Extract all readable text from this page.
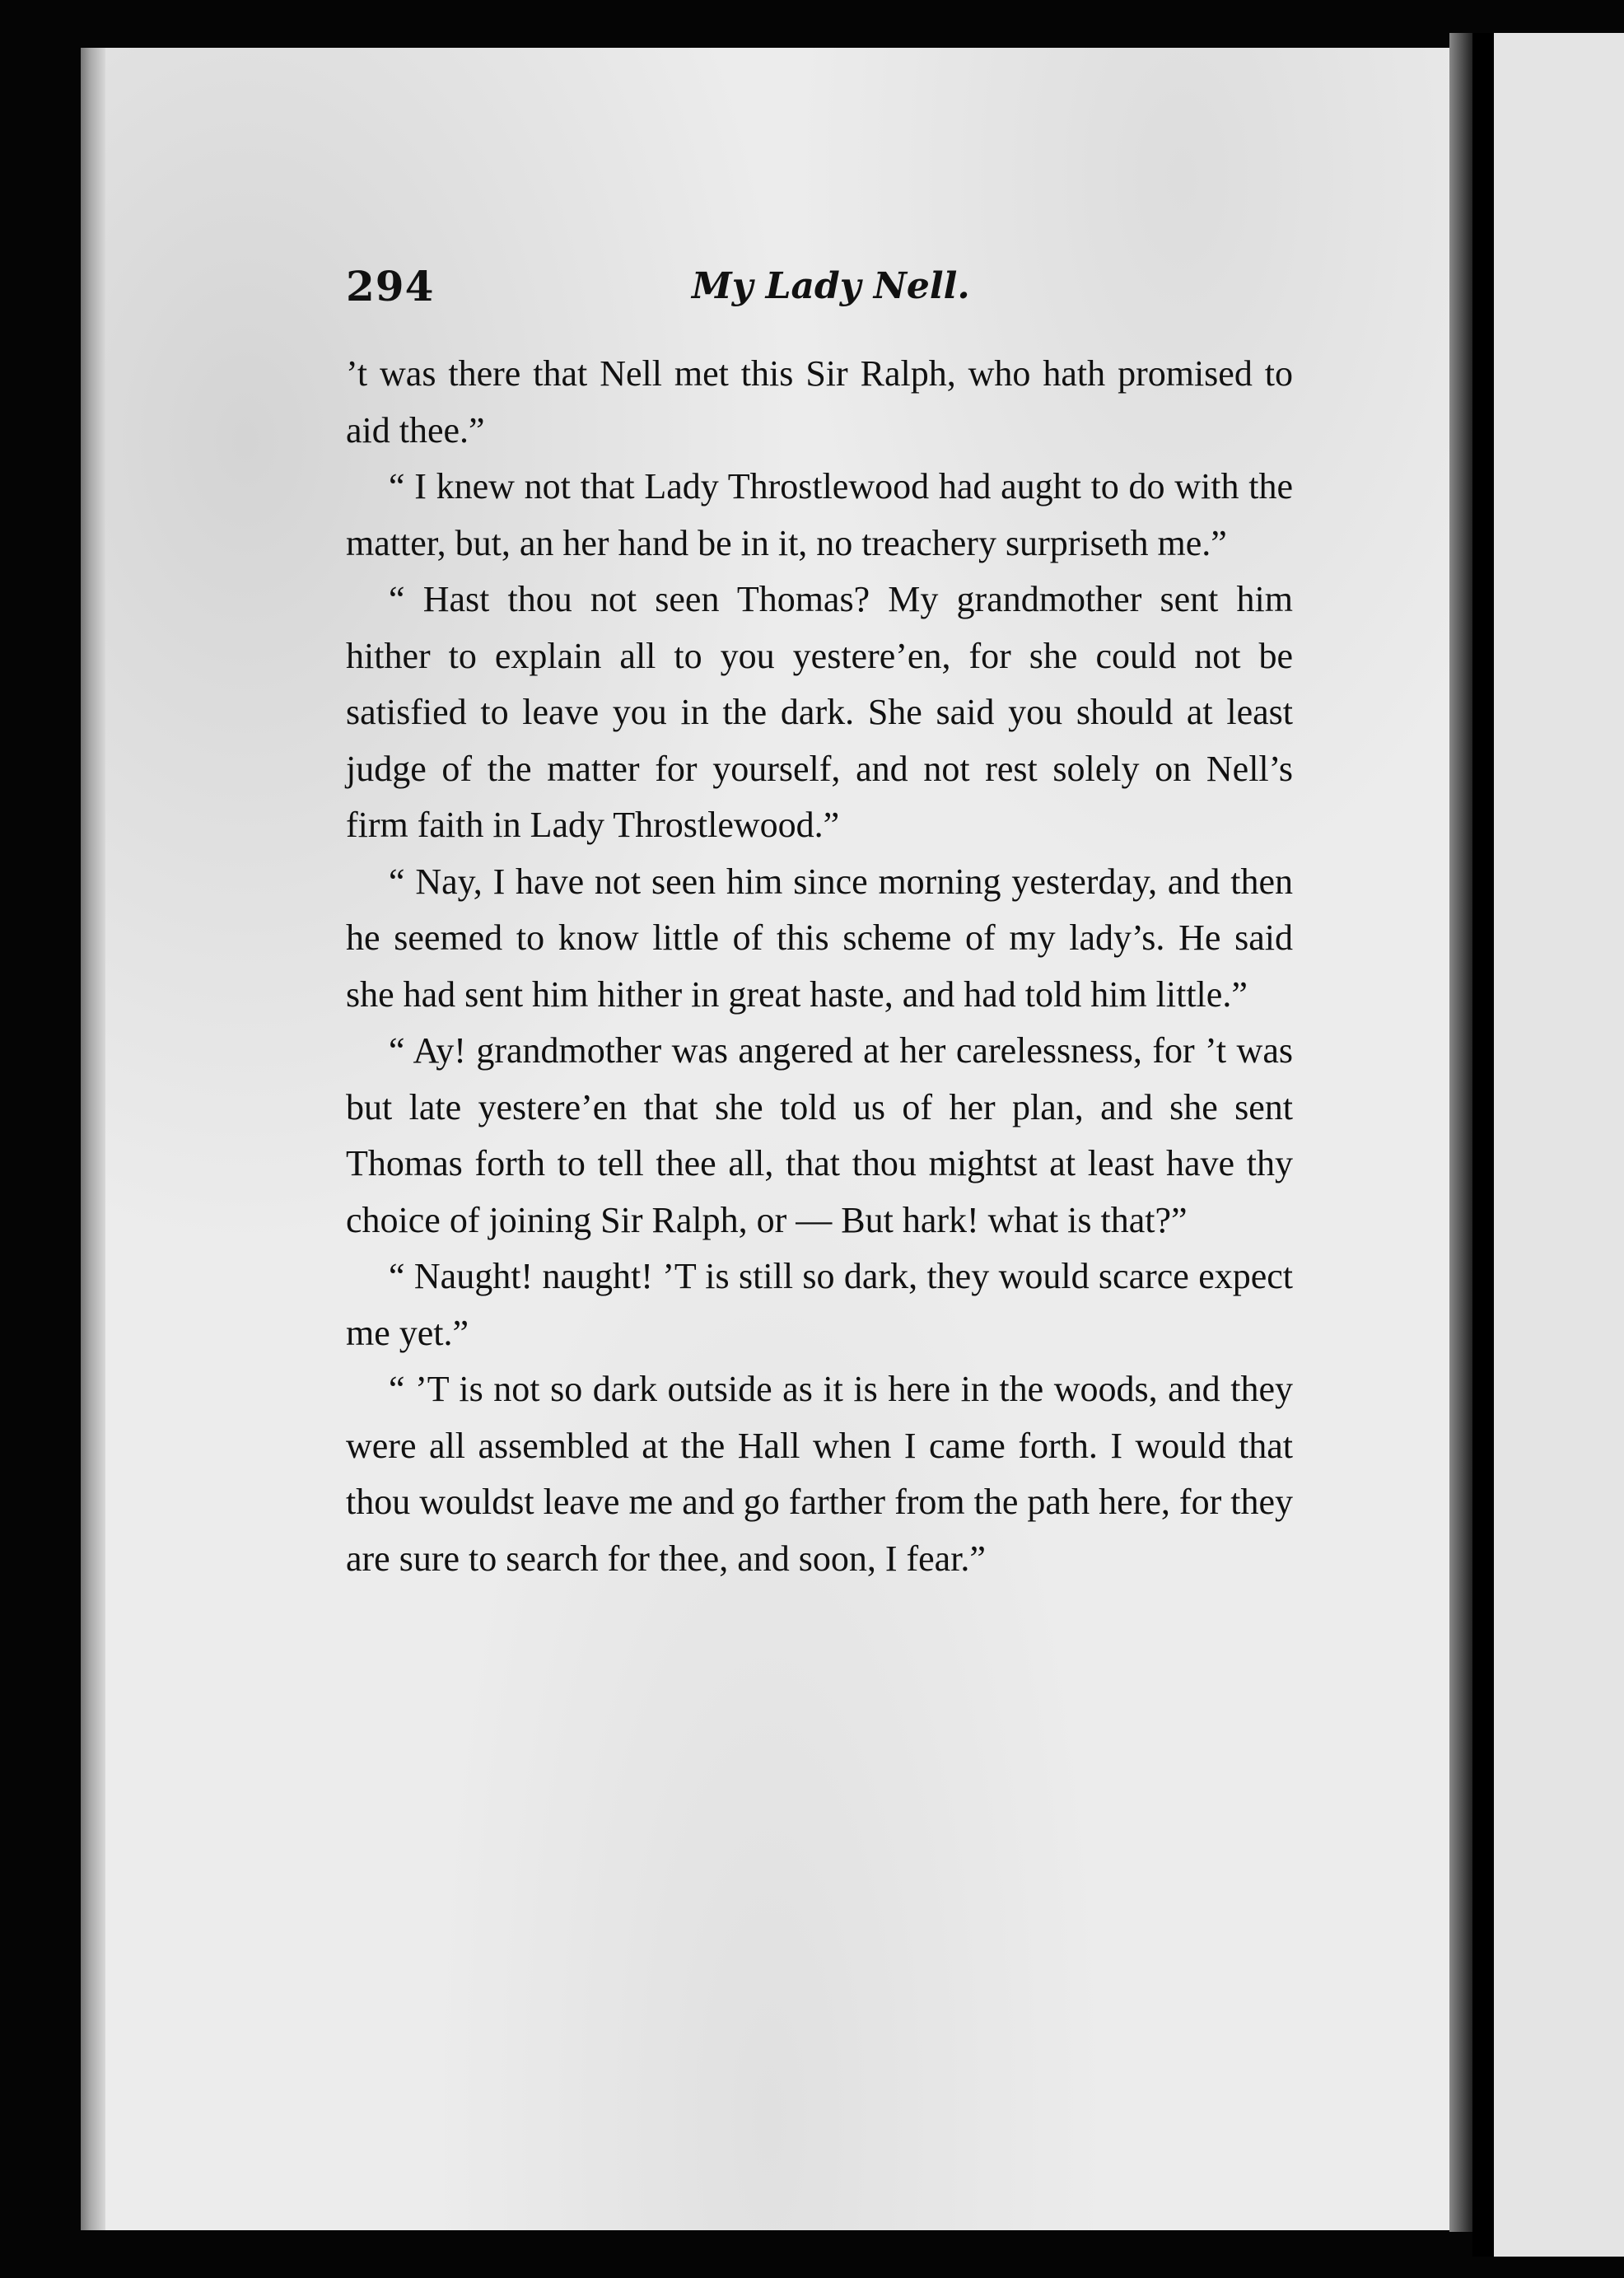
294	My Lady Nell.

’t was there that Nell met this Sir Ralph, who hath promised to aid thee.”

“ I knew not that Lady Throstlewood had aught to do with the matter, but, an her hand be in it, no treachery surpriseth me.”

“ Hast thou not seen Thomas? My grandmother sent him hither to explain all to you yestere’en, for she could not be satisfied to leave you in the dark. She said you should at least judge of the matter for yourself, and not rest solely on Nell’s firm faith in Lady Throstlewood.”

“ Nay, I have not seen him since morning yesterday, and then he seemed to know little of this scheme of my lady’s. He said she had sent him hither in great haste, and had told him little.”

“ Ay! grandmother was angered at her carelessness, for ’t was but late yestere’en that she told us of her plan, and she sent Thomas forth to tell thee all, that thou mightst at least have thy choice of joining Sir Ralph, or — But hark! what is that?”

“ Naught! naught! ’T is still so dark, they would scarce expect me yet.”

“ ’T is not so dark outside as it is here in the woods, and they were all assembled at the Hall when I came forth. I would that thou wouldst leave me and go farther from the path here, for they are sure to search for thee, and soon, I fear.”
